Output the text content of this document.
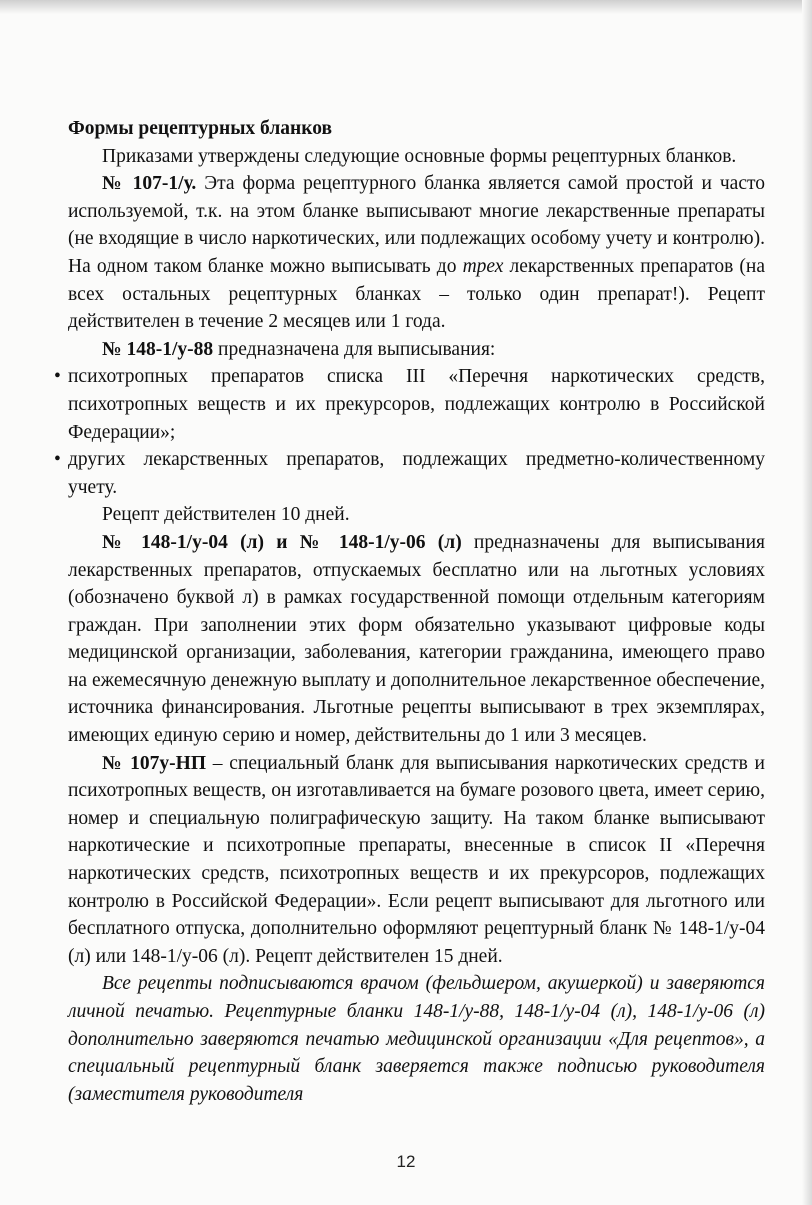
Формы рецептурных бланков

Приказами утверждены следующие основные формы рецептурных бланков.

№ 107-1/у. Эта форма рецептурного бланка является самой простой и часто используемой, т.к. на этом бланке выписывают многие лекарственные препараты (не входящие в число наркотических, или подлежащих особому учету и контролю). На одном таком бланке можно выписывать до трех лекарственных препаратов (на всех остальных рецептурных бланках – только один препарат!). Рецепт действителен в течение 2 месяцев или 1 года.

№ 148-1/у-88 предназначена для выписывания:

• психотропных препаратов списка III «Перечня наркотических средств, психотропных веществ и их прекурсоров, подлежащих контролю в Российской Федерации»;
• других лекарственных препаратов, подлежащих предметно-количественному учету.

Рецепт действителен 10 дней.

№ 148-1/у-04 (л) и № 148-1/у-06 (л) предназначены для выписывания лекарственных препаратов, отпускаемых бесплатно или на льготных условиях (обозначено буквой л) в рамках государственной помощи отдельным категориям граждан. При заполнении этих форм обязательно указывают цифровые коды медицинской организации, заболевания, категории гражданина, имеющего право на ежемесячную денежную выплату и дополнительное лекарственное обеспечение, источника финансирования. Льготные рецепты выписывают в трех экземплярах, имеющих единую серию и номер, действительны до 1 или 3 месяцев.

№ 107у-НП – специальный бланк для выписывания наркотических средств и психотропных веществ, он изготавливается на бумаге розового цвета, имеет серию, номер и специальную полиграфическую защиту. На таком бланке выписывают наркотические и психотропные препараты, внесенные в список II «Перечня наркотических средств, психотропных веществ и их прекурсоров, подлежащих контролю в Российской Федерации». Если рецепт выписывают для льготного или бесплатного отпуска, дополнительно оформляют рецептурный бланк № 148-1/у-04 (л) или 148-1/у-06 (л). Рецепт действителен 15 дней.

Все рецепты подписываются врачом (фельдшером, акушеркой) и заверяются личной печатью. Рецептурные бланки 148-1/у-88, 148-1/у-04 (л), 148-1/у-06 (л) дополнительно заверяются печатью медицинской организации «Для рецептов», а специальный рецептурный бланк заверяется также подписью руководителя (заместителя руководителя

12
